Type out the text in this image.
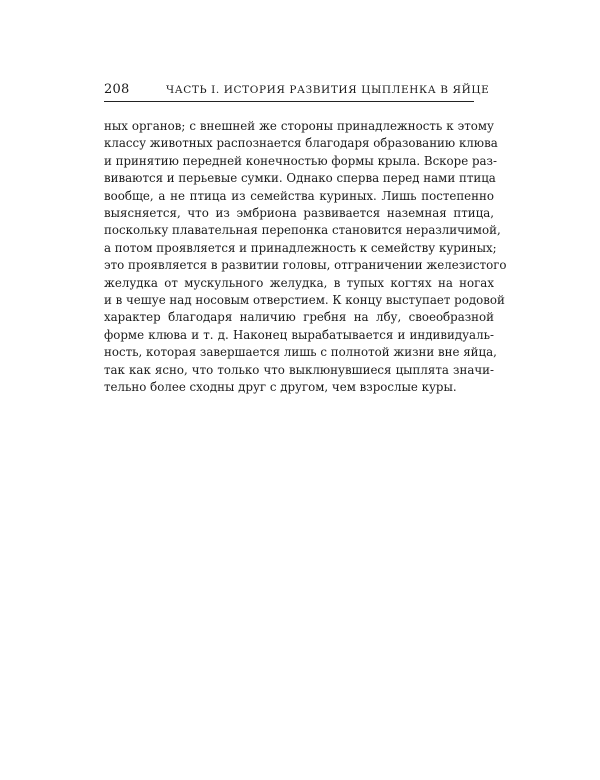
208	ЧАСТЬ I. ИСТОРИЯ РАЗВИТИЯ ЦЫПЛЕНКА В ЯЙЦЕ
ных органов; с внешней же стороны принадлежность к этому
классу животных распознается благодаря образованию клюва
и принятию передней конечностью формы крыла. Вскоре раз-
виваются и перьевые сумки. Однако сперва перед нами птица
вообще, а не птица из семейства куриных. Лишь постепенно
выясняется, что из эмбриона развивается наземная птица,
поскольку плавательная перепонка становится неразличимой,
а потом проявляется и принадлежность к семейству куриных;
это проявляется в развитии головы, отграничении железистого
желудка от мускульного желудка, в тупых когтях на ногах
и в чешуе над носовым отверстием. К концу выступает родовой
характер благодаря наличию гребня на лбу, своеобразной
форме клюва и т. д. Наконец вырабатывается и индивидуаль-
ность, которая завершается лишь с полнотой жизни вне яйца,
так как ясно, что только что выклюнувшиеся цыплята значи-
тельно более сходны друг с другом, чем взрослые куры.
